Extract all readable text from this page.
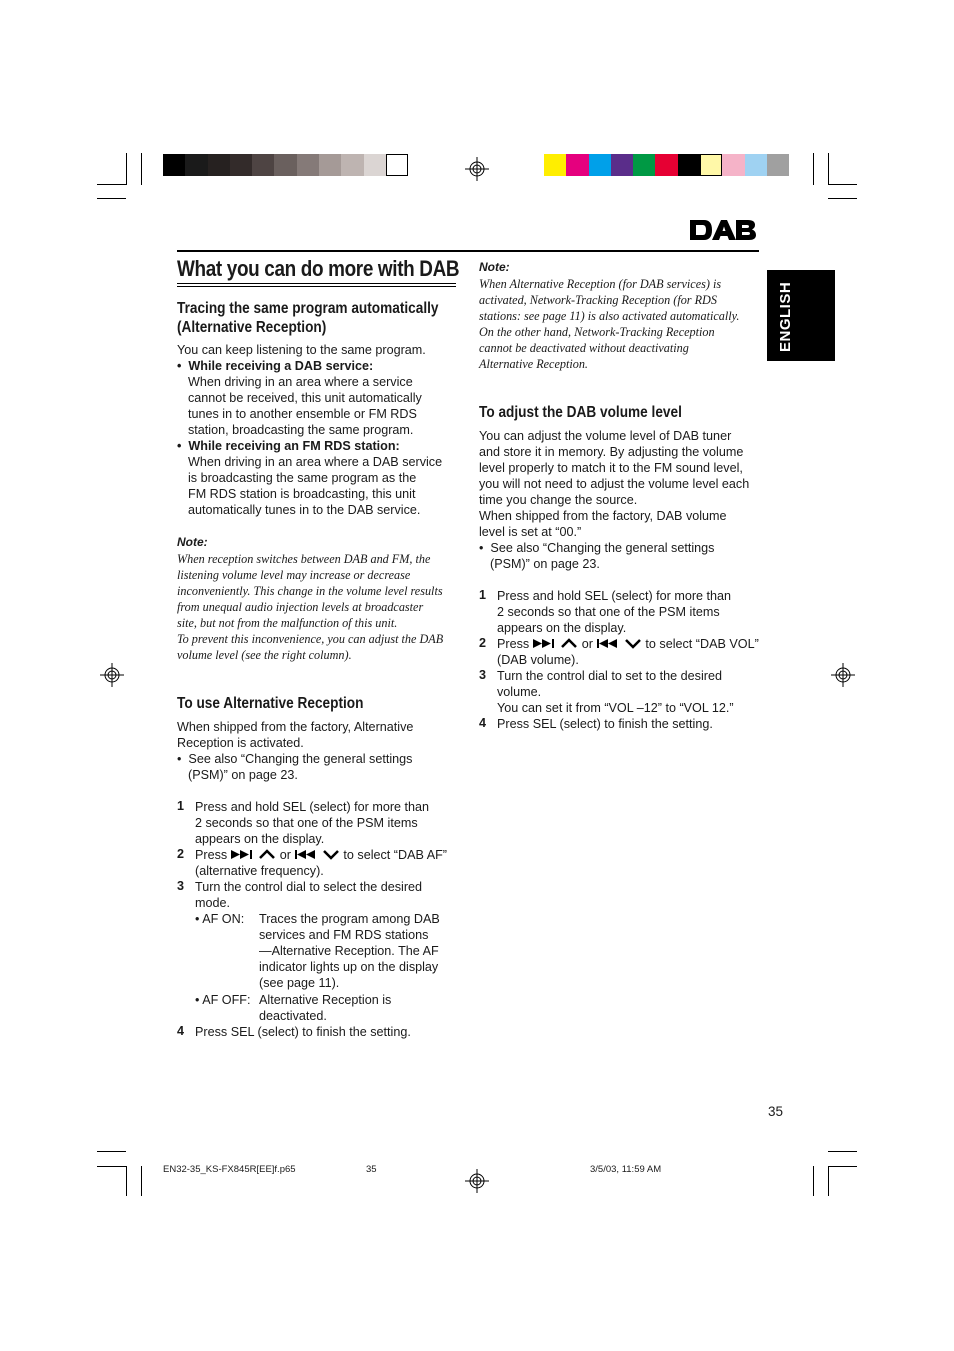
ENGLISH
What you can do more with DAB
Tracing the same program automatically
(Alternative Reception)
You can keep listening to the same program.
•  While receiving a DAB service:
When driving in an area where a service
cannot be received, this unit automatically
tunes in to another ensemble or FM RDS
station, broadcasting the same program.
•  While receiving an FM RDS station:
When driving in an area where a DAB service
is broadcasting the same program as the
FM RDS station is broadcasting, this unit
automatically tunes in to the DAB service.
Note:
When reception switches between DAB and FM, the
listening volume level may increase or decrease
inconveniently. This change in the volume level results
from unequal audio injection levels at broadcaster
site, but not from the malfunction of this unit.
To prevent this inconvenience, you can adjust the DAB
volume level (see the right column).
To use Alternative Reception
When shipped from the factory, Alternative
Reception is activated.
•  See also “Changing the general settings
(PSM)” on page 23.
1 Press and hold SEL (select) for more than
2 seconds so that one of the PSM items
appears on the display.
2 Press	or	to select “DAB AF”
(alternative frequency).
3 Turn the control dial to select the desired
mode.
• AF ON: Traces the program among DAB
services and FM RDS stations
—Alternative Reception. The AF
indicator lights up on the display
(see page 11).
• AF OFF: Alternative Reception is
deactivated.
4 Press SEL (select) to finish the setting.
Note:
When Alternative Reception (for DAB services) is
activated, Network-Tracking Reception (for RDS
stations: see page 11) is also activated automatically.
On the other hand, Network-Tracking Reception
cannot be deactivated without deactivating
Alternative Reception.
To adjust the DAB volume level
You can adjust the volume level of DAB tuner
and store it in memory. By adjusting the volume
level properly to match it to the FM sound level,
you will not need to adjust the volume level each
time you change the source.
When shipped from the factory, DAB volume
level is set at “00.”
•  See also “Changing the general settings
(PSM)” on page 23.
1 Press and hold SEL (select) for more than
2 seconds so that one of the PSM items
appears on the display.
2 Press	or	to select “DAB VOL”
(DAB volume).
3 Turn the control dial to set to the desired
volume.
You can set it from “VOL –12” to “VOL 12.”
4 Press SEL (select) to finish the setting.
35
EN32-35_KS-FX845R[EE]f.p65	35	3/5/03, 11:59 AM
